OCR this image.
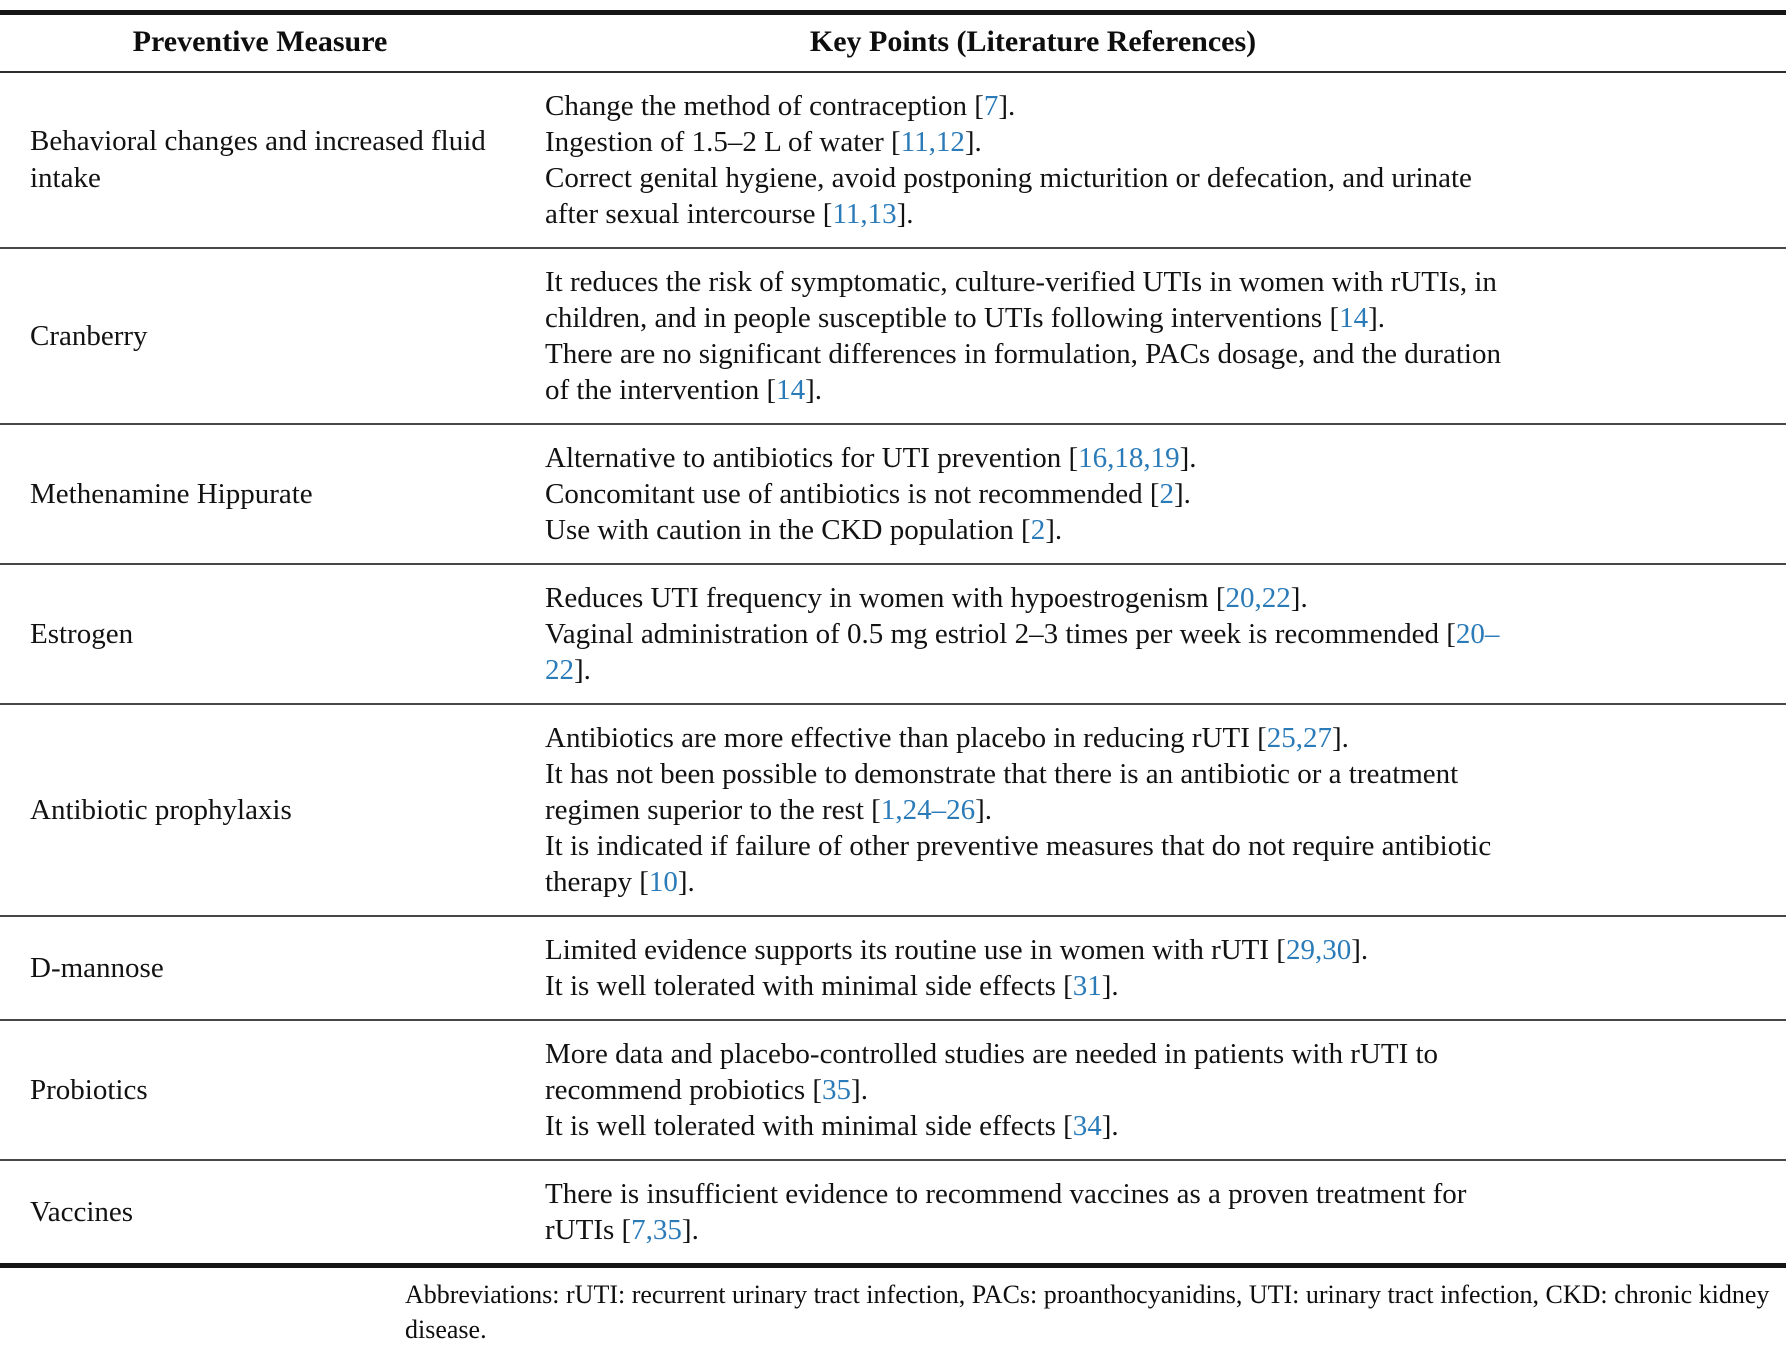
Preventive Measure	Key Points (Literature References)
Behavioral changes and increased fluid intake	Change the method of contraception [7].
Ingestion of 1.5–2 L of water [11,12].
Correct genital hygiene, avoid postponing micturition or defecation, and urinate after sexual intercourse [11,13].

Cranberry	It reduces the risk of symptomatic, culture-verified UTIs in women with rUTIs, in children, and in people susceptible to UTIs following interventions [14].
There are no significant differences in formulation, PACs dosage, and the duration of the intervention [14].

Methenamine Hippurate	Alternative to antibiotics for UTI prevention [16,18,19].
Concomitant use of antibiotics is not recommended [2].
Use with caution in the CKD population [2].

Estrogen	Reduces UTI frequency in women with hypoestrogenism [20,22].
Vaginal administration of 0.5 mg estriol 2–3 times per week is recommended [20–22].

Antibiotic prophylaxis	Antibiotics are more effective than placebo in reducing rUTI [25,27].
It has not been possible to demonstrate that there is an antibiotic or a treatment regimen superior to the rest [1,24–26].
It is indicated if failure of other preventive measures that do not require antibiotic therapy [10].

D-mannose	Limited evidence supports its routine use in women with rUTI [29,30].
It is well tolerated with minimal side effects [31].

Probiotics	More data and placebo-controlled studies are needed in patients with rUTI to recommend probiotics [35].
It is well tolerated with minimal side effects [34].

Vaccines	There is insufficient evidence to recommend vaccines as a proven treatment for rUTIs [7,35].
Abbreviations: rUTI: recurrent urinary tract infection, PACs: proanthocyanidins, UTI: urinary tract infection, CKD: chronic kidney disease.
